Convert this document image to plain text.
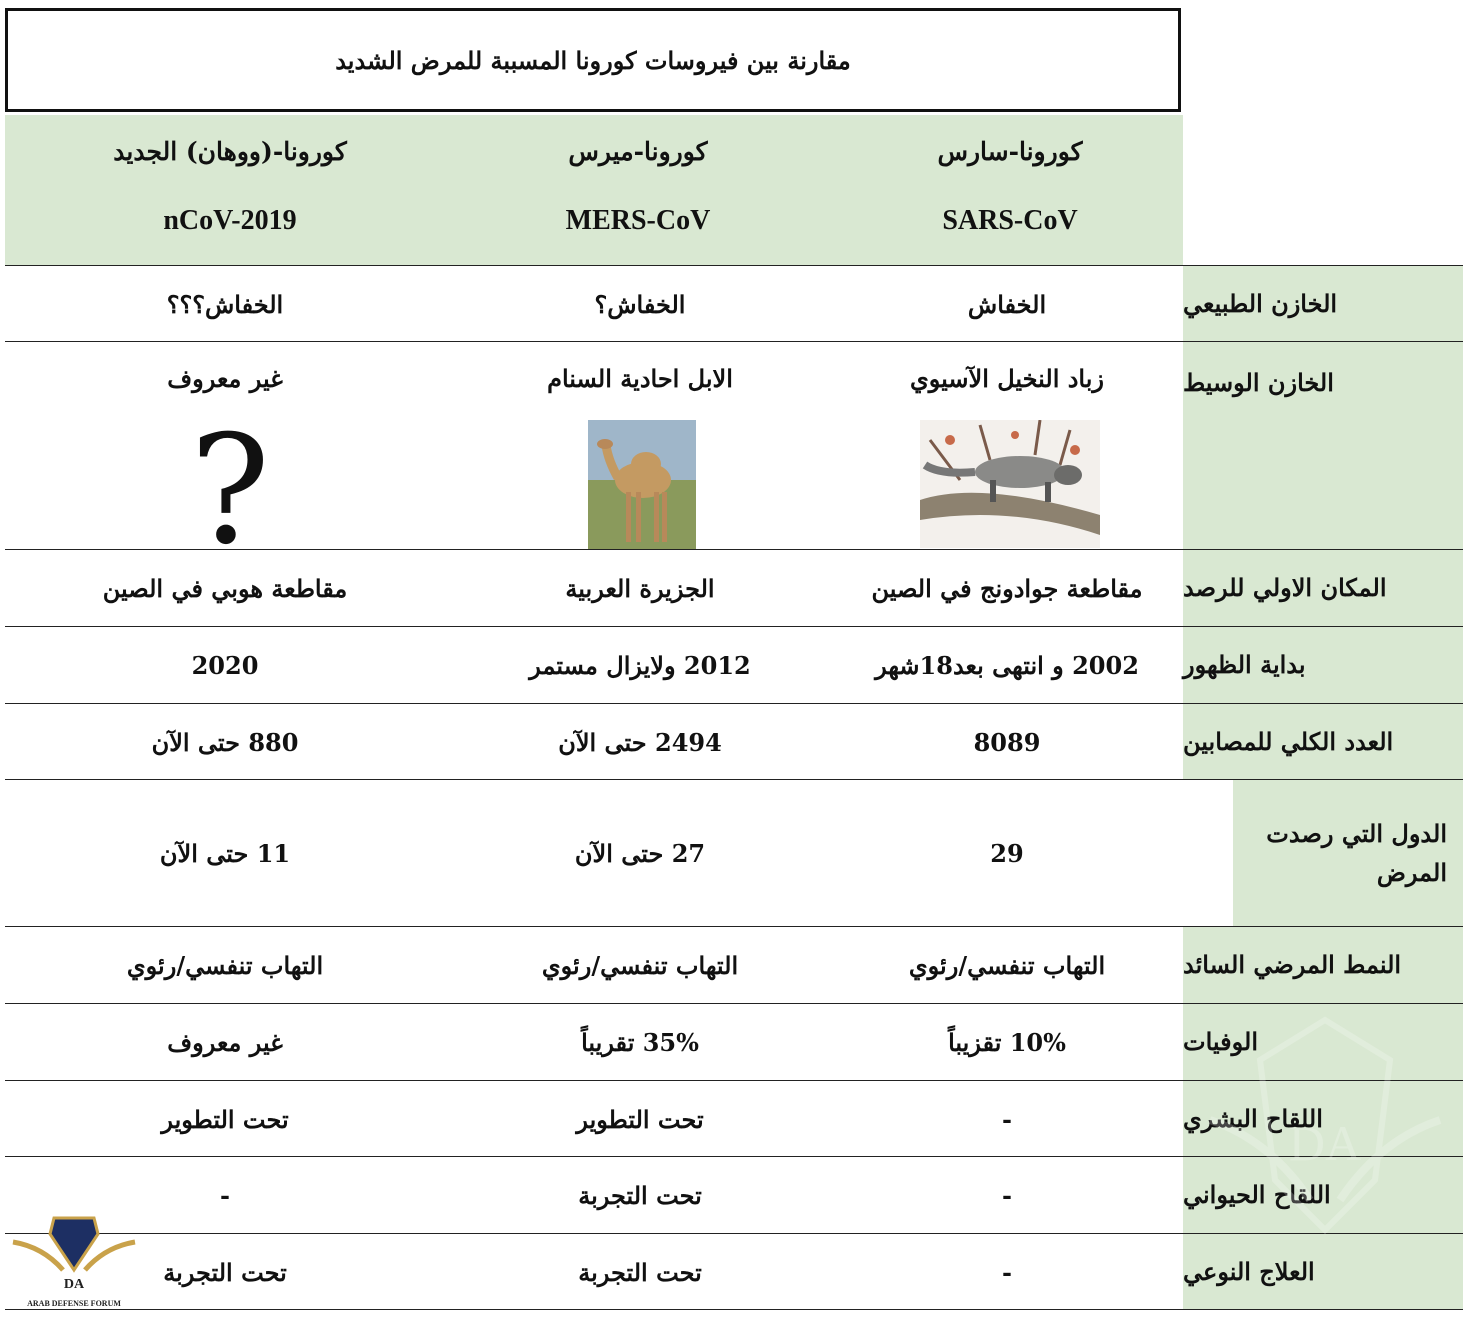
مقارنة بين فيروسات كورونا المسببة للمرض الشديد
كورونا-سارس
SARS-CoV
كورونا-ميرس
MERS-CoV
كورونا-(ووهان) الجديد
nCoV-2019
الخازن الطبيعي
الخفاش
الخفاش؟
الخفاش؟؟؟
الخازن الوسيط
زباد النخيل الآسيوي
الابل احادية السنام
غير معروف
?
المكان الاولي للرصد
مقاطعة جوادونج في الصين
الجزيرة العربية
مقاطعة هوبي في الصين
بداية الظهور
2002 و انتهى بعد18شهر
2012 ولايزال مستمر
2020
العدد الكلي للمصابين
8089
2494 حتى الآن
880 حتى الآن
الدول التي رصدت المرض
29
27 حتى الآن
11 حتى الآن
النمط المرضي السائد
التهاب تنفسي/رئوي
التهاب تنفسي/رئوي
التهاب تنفسي/رئوي
الوفيات
10% تقزيباً
35% تقريباً
غير معروف
اللقاح البشري
-
تحت التطوير
تحت التطوير
اللقاح الحيواني
-
تحت التجربة
-
العلاج النوعي
-
تحت التجربة
تحت التجربة
DA
DA
ARAB DEFENSE FORUM
